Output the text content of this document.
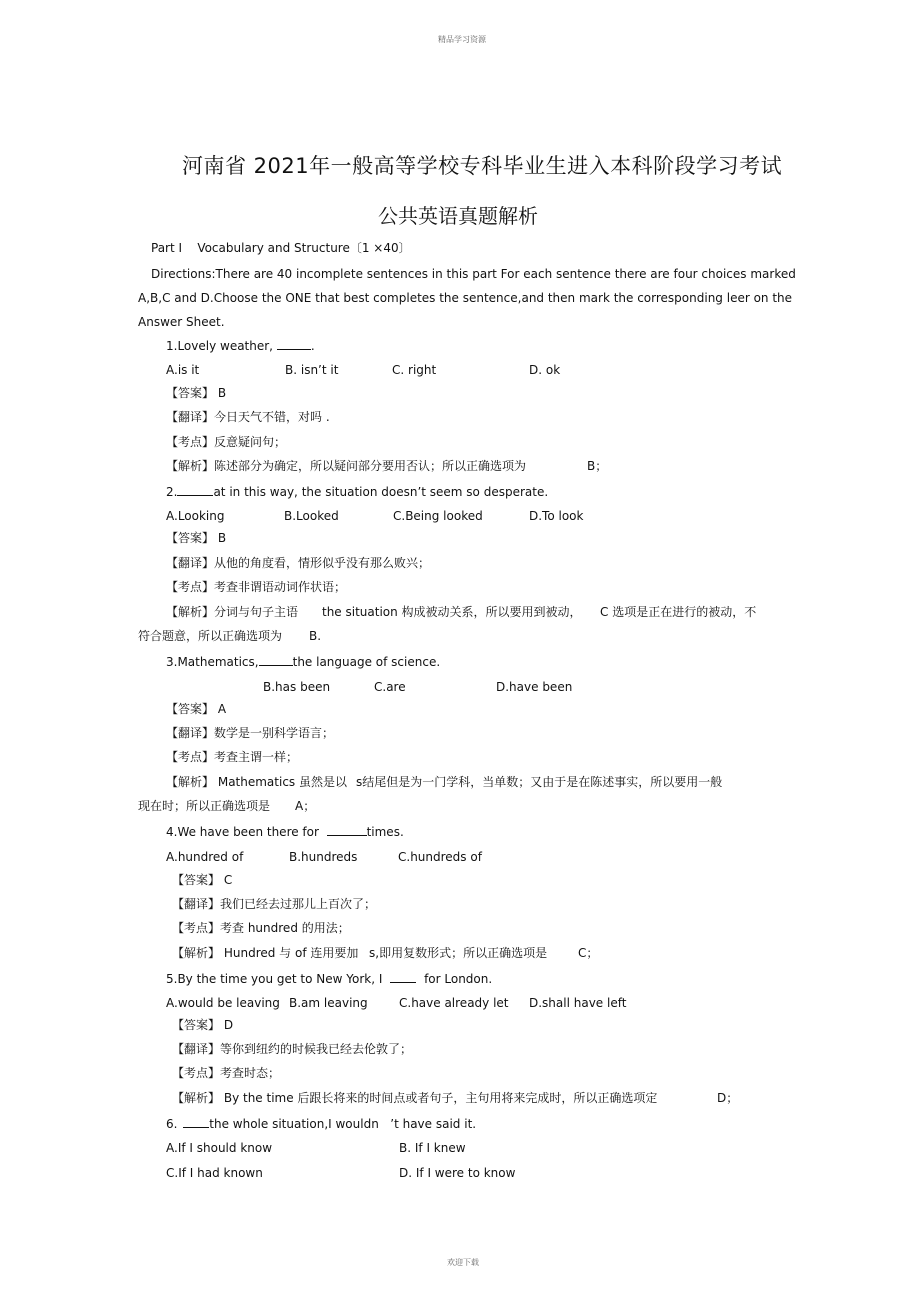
精品学习资源
欢迎下载
河南省 2021年一般高等学校专科毕业生进入本科阶段学习考试
公共英语真题解析
Part I Vocabulary and Structure〔1 ×40〕
Directions:There are 40 incomplete sentences in this part For each sentence there are four choices marked
A,B,C and D.Choose the ONE that best completes the sentence,and then mark the corresponding leer on the
Answer Sheet.
1.Lovely weather,	.
A.is it	B. isn’t it	C. right	D. ok
【答案】 B
【翻译】今日天气不错，对吗 .
【考点】反意疑问句；
【解析】陈述部分为确定，所以疑问部分要用否认；所以正确选项为	B；
2.	at in this way, the situation doesn’t seem so desperate.
A.Looking	B.Looked	C.Being looked	D.To look
【答案】 B
【翻译】从他的角度看，情形似乎没有那么败兴；
【考点】考查非谓语动词作状语；
【解析】分词与句子主语 the situation 构成被动关系，所以要用到被动， C 选项是正在进行的被动，不
符合题意，所以正确选项为 B.
3.Mathematics,	the language of science.
B.has been	C.are	D.have been
【答案】 A
【翻译】数学是一别科学语言；
【考点】考查主谓一样；
【解析】 Mathematics 虽然是以 s结尾但是为一门学科，当单数；又由于是在陈述事实，所以要用一般
现在时；所以正确选项是 A；
4.We have been there for	times.
A.hundred of	B.hundreds	C.hundreds of
【答案】 C
【翻译】我们已经去过那儿上百次了；
【考点】考查 hundred 的用法；
【解析】 Hundred 与 of 连用要加 s,即用复数形式；所以正确选项是	C；
5.By the time you get to New York, I	for London.
A.would be leaving B.am leaving	C.have already let D.shall have left
【答案】 D
【翻译】等你到纽约的时候我已经去伦敦了；
【考点】考查时态；
【解析】 By the time 后跟长将来的时间点或者句子，主句用将来完成时，所以正确选项定	D；
6.	the whole situation,I wouldn ’t have said it.
A.If I should know	B. If I knew
C.If I had known	D. If I were to know
